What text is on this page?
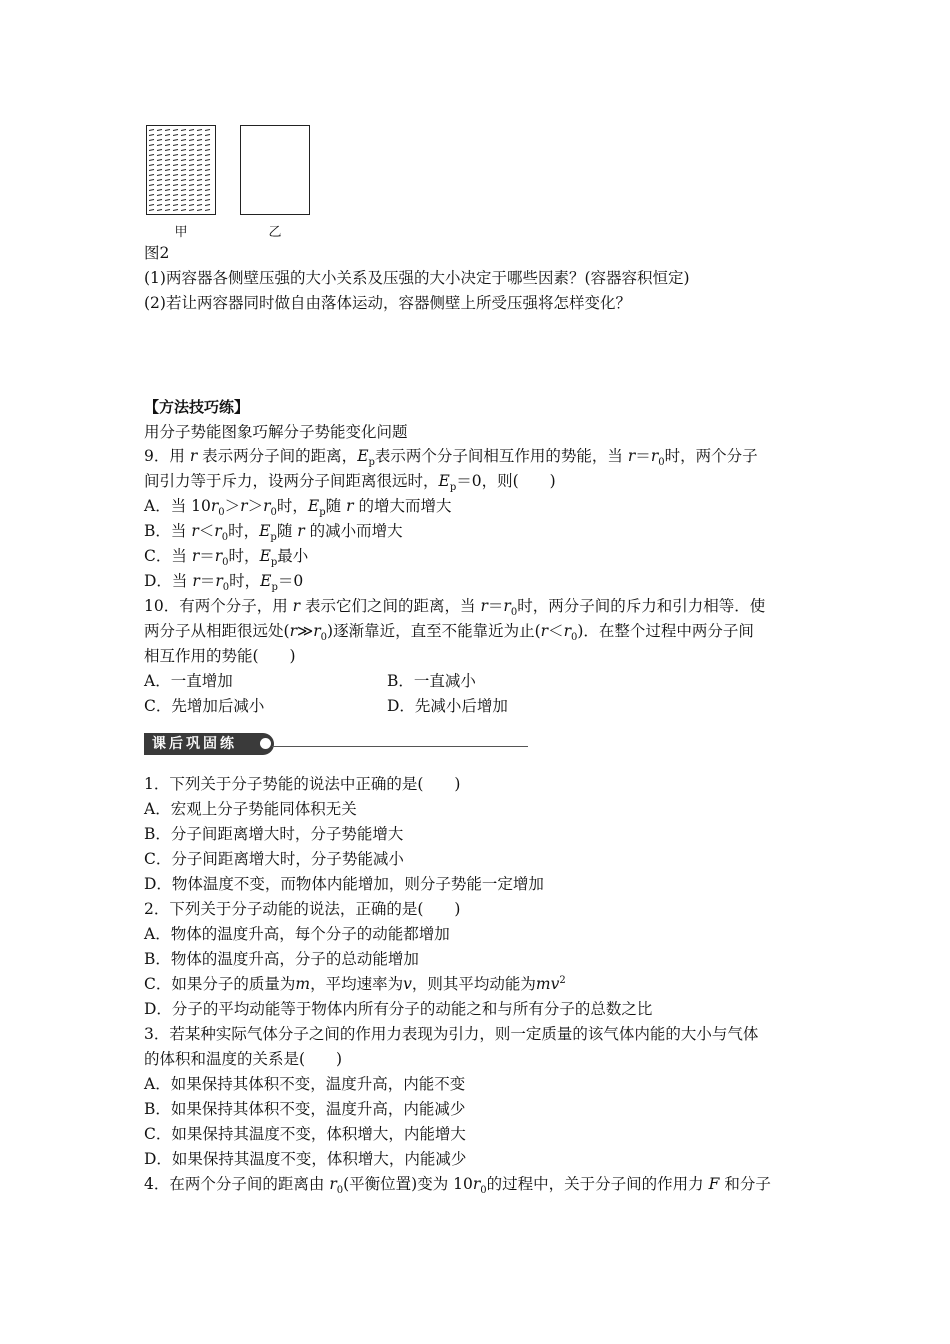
甲	乙
图2
(1)两容器各侧壁压强的大小关系及压强的大小决定于哪些因素？(容器容积恒定)
(2)若让两容器同时做自由落体运动，容器侧壁上所受压强将怎样变化？
【方法技巧练】
用分子势能图象巧解分子势能变化问题
9．用 r 表示两分子间的距离，$E_p$表示两个分子间相互作用的势能，当 $r=r_0$时，两个分子
间引力等于斥力，设两分子间距离很远时，$E_p=0$，则(　　)
A．当 $10r_0>r>r_0$时，$E_p$随 r 的增大而增大
B．当 $r<r_0$时，$E_p$随 r 的减小而增大
C．当 $r=r_0$时，$E_p$最小
D．当 $r=r_0$时，$E_p=0$
10．有两个分子，用 r 表示它们之间的距离，当 $r=r_0$时，两分子间的斥力和引力相等．使
两分子从相距很远处$(r≫r_0)$逐渐靠近，直至不能靠近为止$(r<r_0)$．在整个过程中两分子间
相互作用的势能(　　)
A．一直增加	B．一直减小
C．先增加后减小	D．先减小后增加
课后巩固练
1．下列关于分子势能的说法中正确的是(　　)
A．宏观上分子势能同体积无关
B．分子间距离增大时，分子势能增大
C．分子间距离增大时，分子势能减小
D．物体温度不变，而物体内能增加，则分子势能一定增加
2．下列关于分子动能的说法，正确的是(　　)
A．物体的温度升高，每个分子的动能都增加
B．物体的温度升高，分子的总动能增加
C．如果分子的质量为m，平均速率为v，则其平均动能为$mv^2$
D．分子的平均动能等于物体内所有分子的动能之和与所有分子的总数之比
3．若某种实际气体分子之间的作用力表现为引力，则一定质量的该气体内能的大小与气体
的体积和温度的关系是(　　)
A．如果保持其体积不变，温度升高，内能不变
B．如果保持其体积不变，温度升高，内能减少
C．如果保持其温度不变，体积增大，内能增大
D．如果保持其温度不变，体积增大，内能减少
4．在两个分子间的距离由 $r_0$(平衡位置)变为 $10r_0$的过程中，关于分子间的作用力 F 和分子
